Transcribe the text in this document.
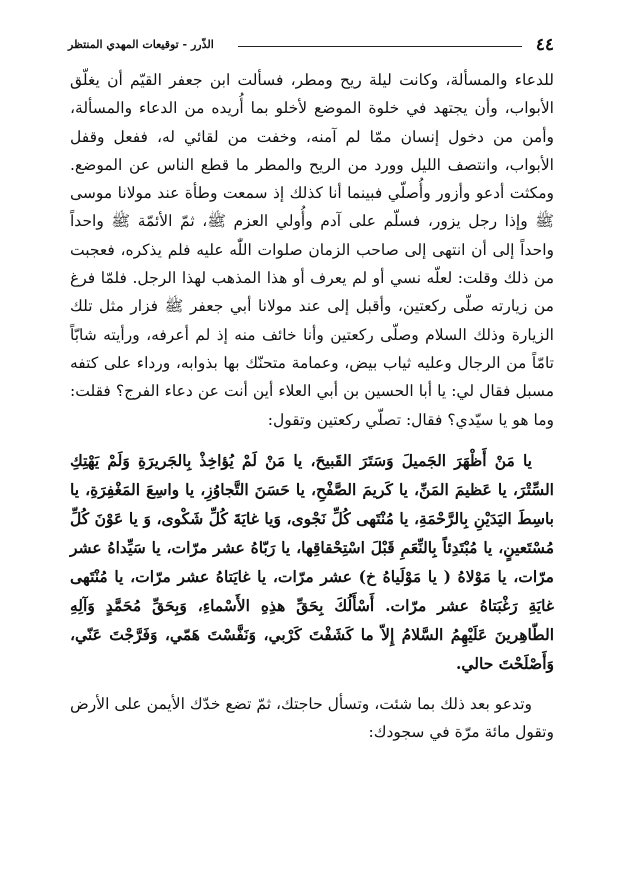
٤٤
الذّرر - توقيعات المهدي المنتظر

للدعاء والمسألة، وكانت ليلة ريح ومطر، فسألت ابن جعفر القيّم أن يغلّق الأبواب، وأن يجتهد في خلوة الموضع لأخلو بما أُريده من الدعاء والمسألة، وأمن من دخول إنسان ممّا لم آمنه، وخفت من لقائي له، ففعل وقفل الأبواب، وانتصف الليل وورد من الريح والمطر ما قطع الناس عن الموضع. ومكثت أدعو وأزور وأُصلّي فبينما أنا كذلك إذ سمعت وطأة عند مولانا موسى ﷺ وإذا رجل يزور، فسلّم على آدم وأُولي العزم ﷺ، ثمّ الأئمّة ﷺ واحداً واحداً إلى أن انتهى إلى صاحب الزمان صلوات اللّٰه عليه فلم يذكره، فعجبت من ذلك وقلت: لعلّه نسي أو لم يعرف أو هذا المذهب لهذا الرجل. فلمّا فرغ من زيارته صلّى ركعتين، وأقبل إلى عند مولانا أبي جعفر ﷺ فزار مثل تلك الزيارة وذلك السلام وصلّى ركعتين وأنا خائف منه إذ لم أعرفه، ورأيته شابّاً تامّاً من الرجال وعليه ثياب بيض، وعمامة متحنّك بها بذوابه، ورداء على كتفه مسبل فقال لي: يا أبا الحسين بن أبي العلاء أين أنت عن دعاء الفرج؟ فقلت: وما هو يا سيّدي؟ فقال: تصلّي ركعتين وتقول:

يا مَنْ أَظْهَرَ الجَميلَ وَسَتَرَ القَبيحَ، يا مَنْ لَمْ يُؤاخِذْ بِالجَريرَةِ وَلَمْ يَهْتِكِ السِّتْرَ، يا عَظيمَ المَنِّ، يا كَريمَ الصَّفْحِ، يا حَسَنَ التَّجاوُزِ، يا واسِعَ المَغْفِرَةِ، يا باسِطَ اليَدَيْنِ بِالرَّحْمَةِ، يا مُنْتَهى كُلِّ نَجْوى، وَيا غايَةَ كُلِّ شَكْوى، وَ يا عَوْنَ كُلِّ مُسْتَعينٍ، يا مُبْتَدِئاً بِالنِّعَمِ قَبْلَ اسْتِحْقاقِها، يا رَبّاهُ عشر مرّات، يا سَيِّداهُ عشر مرّات، يا مَوْلاهُ ( يا مَوْلَياهُ خ) عشر مرّات، يا غايَتاهُ عشر مرّات، يا مُنْتَهى غايَةِ رَغْبَتاهُ عشر مرّات. أَسْأَلُكَ بِحَقِّ هذِهِ الأَسْماءِ، وَبِحَقِّ مُحَمَّدٍ وَآلِهِ الطّاهِرينَ عَلَيْهِمُ السَّلامُ إِلاّ ما كَشَفْتَ كَرْبي، وَنَفَّسْتَ هَمّي، وَفَرَّجْتَ عَنّي، وَأَصْلَحْتَ حالي.

وتدعو بعد ذلك بما شئت، وتسأل حاجتك، ثمّ تضع خدّك الأيمن على الأرض وتقول مائة مرّة في سجودك:
